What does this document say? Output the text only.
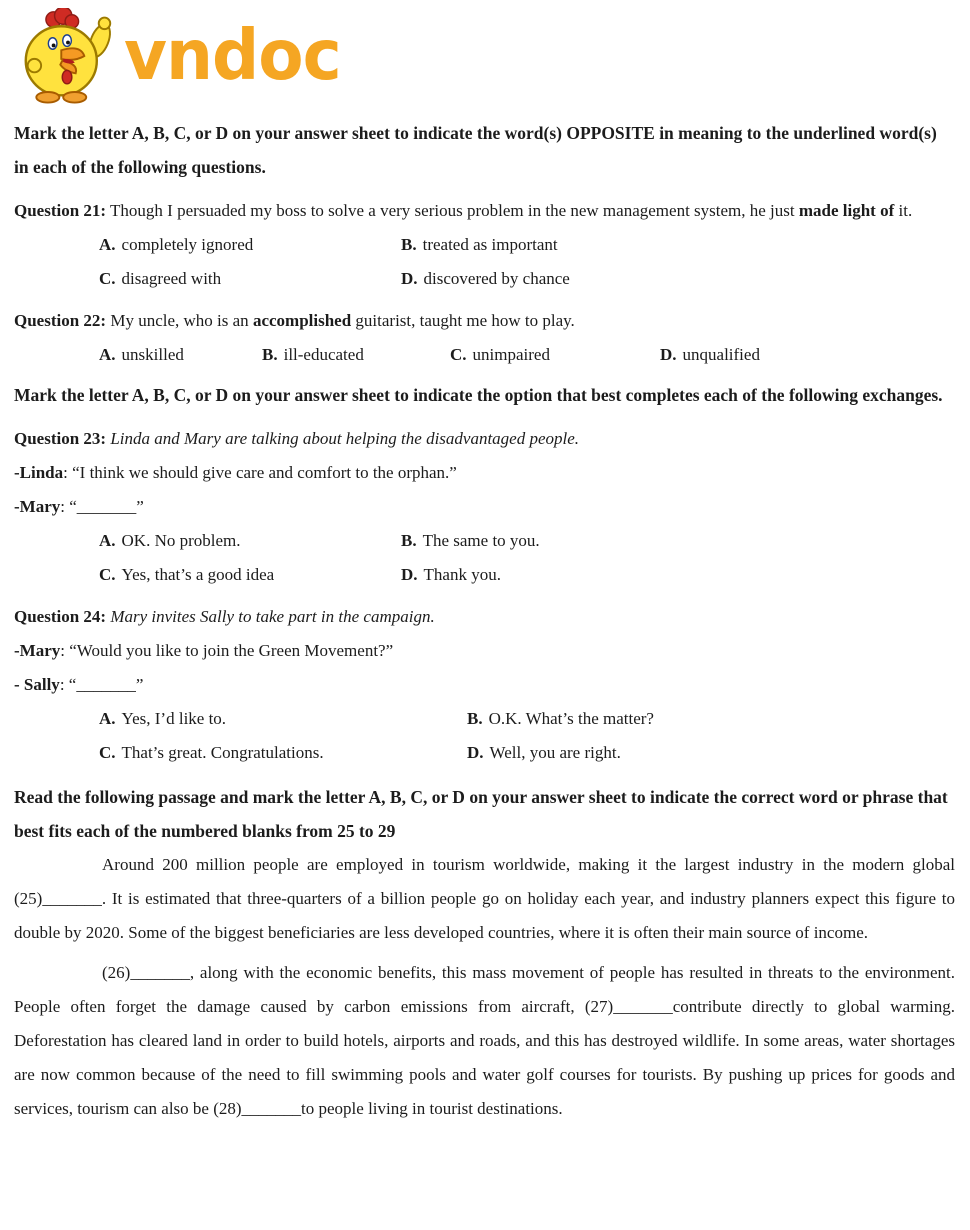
vndoc

Mark the letter A, B, C, or D on your answer sheet to indicate the word(s) OPPOSITE in meaning to the underlined word(s) in each of the following questions.

Question 21: Though I persuaded my boss to solve a very serious problem in the new management system, he just made light of it.

A. completely ignored	B. treated as important
C. disagreed with	D. discovered by chance

Question 22: My uncle, who is an accomplished guitarist, taught me how to play.

A. unskilled	B. ill-educated	C. unimpaired	D. unqualified

Mark the letter A, B, C, or D on your answer sheet to indicate the option that best completes each of the following exchanges.

Question 23: Linda and Mary are talking about helping the disadvantaged people.

-Linda: “I think we should give care and comfort to the orphan.”

-Mary: “_______”

A. OK. No problem.	B. The same to you.
C. Yes, that’s a good idea	D. Thank you.

Question 24: Mary invites Sally to take part in the campaign.

-Mary: “Would you like to join the Green Movement?”

- Sally: “_______”

A. Yes, I’d like to.	B. O.K. What’s the matter?
C. That’s great. Congratulations.	D. Well, you are right.

Read the following passage and mark the letter A, B, C, or D on your answer sheet to indicate the correct word or phrase that best fits each of the numbered blanks from 25 to 29

Around 200 million people are employed in tourism worldwide, making it the largest industry in the modern global (25)_______. It is estimated that three-quarters of a billion people go on holiday each year, and industry planners expect this figure to double by 2020. Some of the biggest beneficiaries are less developed countries, where it is often their main source of income.

(26)_______, along with the economic benefits, this mass movement of people has resulted in threats to the environment. People often forget the damage caused by carbon emissions from aircraft, (27)_______contribute directly to global warming. Deforestation has cleared land in order to build hotels, airports and roads, and this has destroyed wildlife. In some areas, water shortages are now common because of the need to fill swimming pools and water golf courses for tourists. By pushing up prices for goods and services, tourism can also be (28)_______to people living in tourist destinations.
